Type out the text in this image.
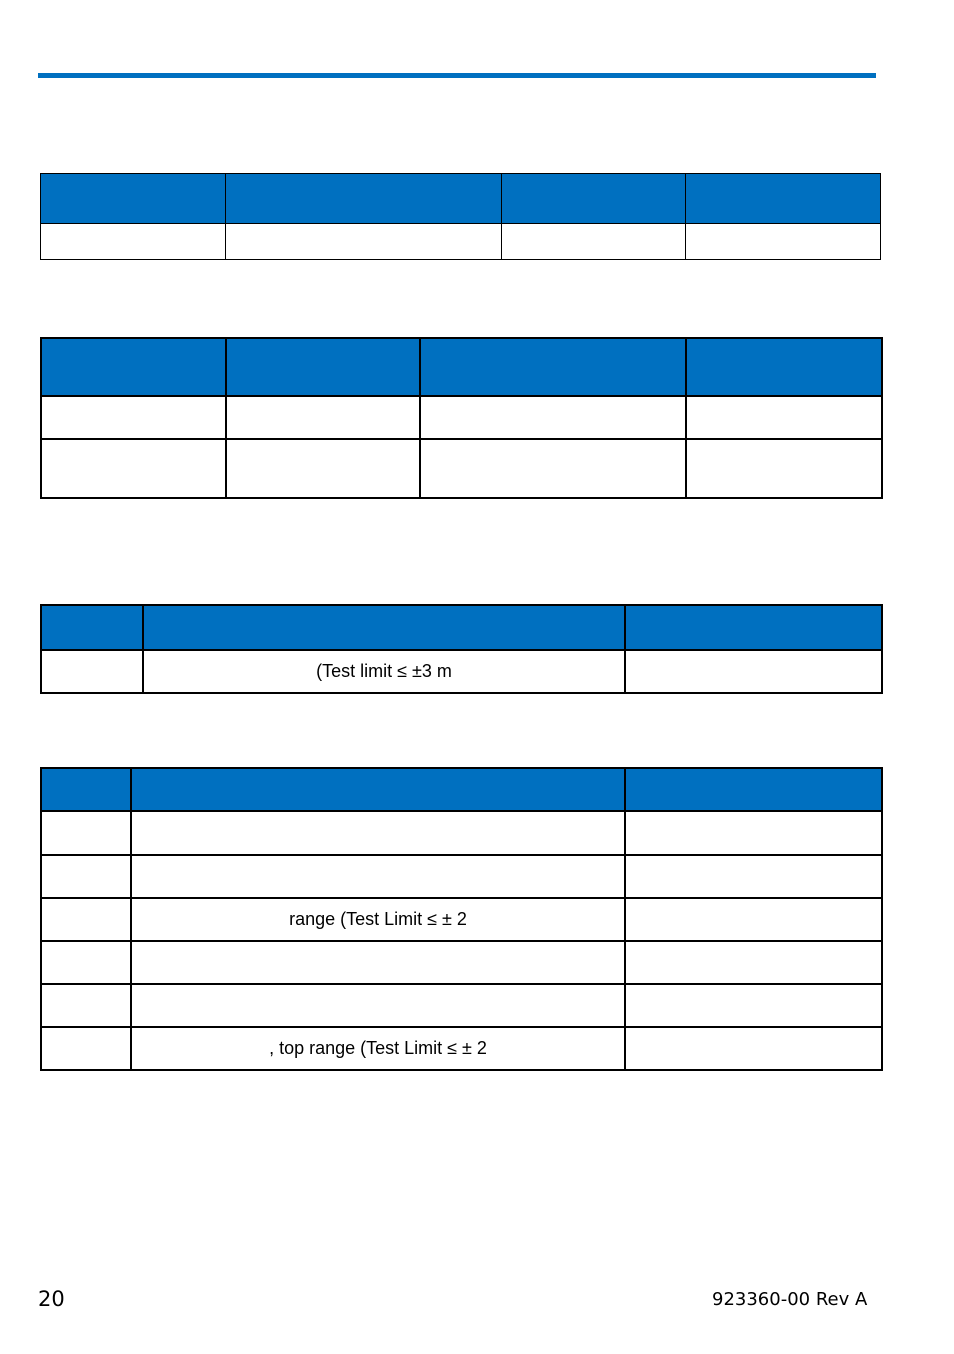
	(Test limit ≤ ±3 m	

	range (Test Limit ≤ ± 2	

	, top range (Test Limit ≤ ± 2	
20	923360-00 Rev A
